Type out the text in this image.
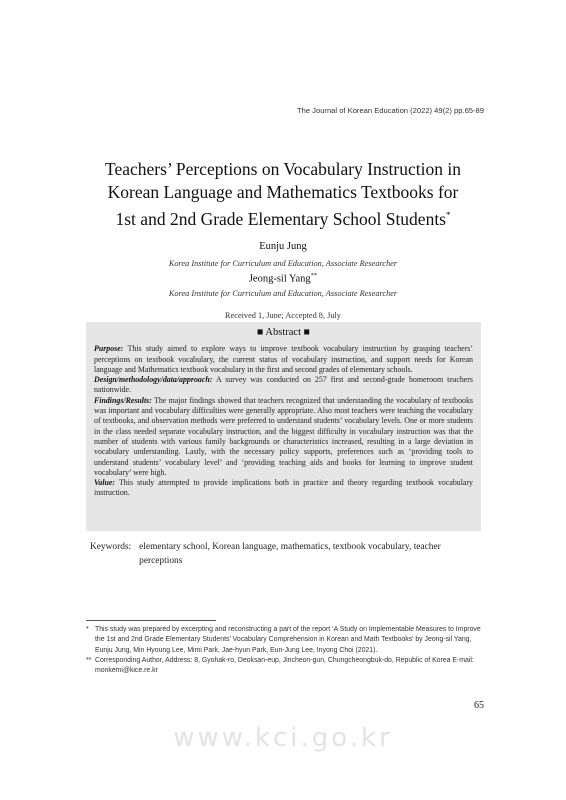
The Journal of Korean Education (2022) 49(2) pp.65-89
Teachers’ Perceptions on Vocabulary Instruction in
Korean Language and Mathematics Textbooks for
1st and 2nd Grade Elementary School Students*
Eunju Jung
Korea Institute for Curriculum and Education, Associate Researcher
Jeong-sil Yang**
Korea Institute for Curriculum and Education, Associate Researcher
Received 1, June; Accepted 8, July
■ Abstract ■

Purpose: This study aimed to explore ways to improve textbook vocabulary instruction by grasping teachers’ perceptions on textbook vocabulary, the current status of vocabulary instruction, and support needs for Korean language and Mathematics textbook vocabulary in the first and second grades of elementary schools.

Design/methodology/data/approach: A survey was conducted on 257 first and second-grade homeroom teachers nationwide.

Findings/Results: The major findings showed that teachers recognized that understanding the vocabulary of textbooks was important and vocabulary difficulties were generally appropriate. Also most teachers were teaching the vocabulary of textbooks, and observation methods were preferred to understand students’ vocabulary levels. One or more students in the class needed separate vocabulary instruction, and the biggest difficulty in vocabulary instruction was that the number of students with various family backgrounds or characteristics increased, resulting in a large deviation in vocabulary understanding. Lastly, with the necessary policy supports, preferences such as ‘providing tools to understand students’ vocabulary level’ and ‘providing teaching aids and books for learning to improve student vocabulary’ were high.

Value: This study attempted to provide implications both in practice and theory regarding textbook vocabulary instruction.

Keywords: elementary school, Korean language, mathematics, textbook vocabulary, teacher perceptions
* This study was prepared by excerpting and reconstructing a part of the report ‘A Study on Implementable Measures to Improve the 1st and 2nd Grade Elementary Students’ Vocabulary Comprehension in Korean and Math Textbooks’ by Jeong-sil Yang, Eunju Jung, Min Hyoung Lee, Mimi Park, Jae-hyun Park, Eun-Jung Lee, Inyong Choi (2021).
** Corresponding Author, Address: 8, Gyohak-ro, Deoksan-eup, Jincheon-gun, Chungcheongbuk-do, Republic of Korea E-mail: monkemi@kice.re.kr
65
www.kci.go.kr
